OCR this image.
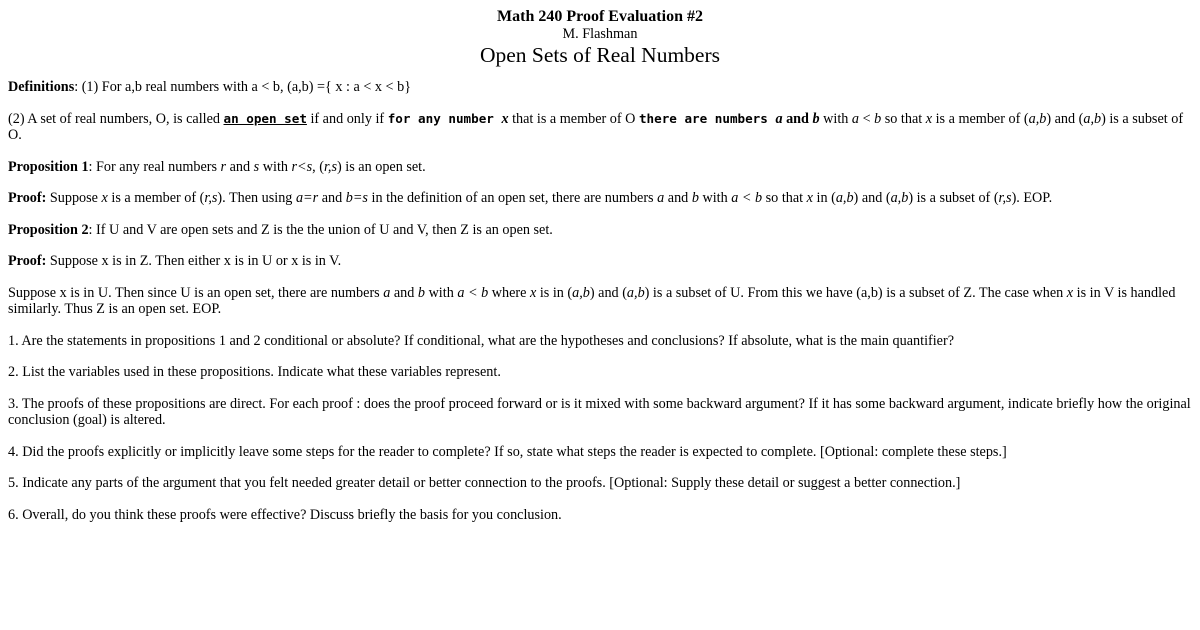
Math 240 Proof Evaluation #2
M. Flashman
Open Sets of Real Numbers

Definitions: (1) For a,b real numbers with a < b, (a,b) ={ x : a < x < b}

(2) A set of real numbers, O, is called an open set if and only if for any number x that is a member of O there are numbers a and b with a < b so that x is a member of (a,b) and (a,b) is a subset of O.

Proposition 1: For any real numbers r and s with r<s, (r,s) is an open set.

Proof: Suppose x is a member of (r,s). Then using a=r and b=s in the definition of an open set, there are numbers a and b with a < b so that x in (a,b) and (a,b) is a subset of (r,s). EOP.

Proposition 2: If U and V are open sets and Z is the the union of U and V, then Z is an open set.

Proof: Suppose x is in Z. Then either x is in U or x is in V.

Suppose x is in U. Then since U is an open set, there are numbers a and b with a < b where x is in (a,b) and (a,b) is a subset of U. From this we have (a,b) is a subset of Z. The case when x is in V is handled similarly. Thus Z is an open set. EOP.

1. Are the statements in propositions 1 and 2 conditional or absolute? If conditional, what are the hypotheses and conclusions? If absolute, what is the main quantifier?

2. List the variables used in these propositions. Indicate what these variables represent.

3. The proofs of these propositions are direct. For each proof : does the proof proceed forward or is it mixed with some backward argument? If it has some backward argument, indicate briefly how the original conclusion (goal) is altered.

4. Did the proofs explicitly or implicitly leave some steps for the reader to complete? If so, state what steps the reader is expected to complete. [Optional: complete these steps.]

5. Indicate any parts of the argument that you felt needed greater detail or better connection to the proofs. [Optional: Supply these detail or suggest a better connection.]

6. Overall, do you think these proofs were effective? Discuss briefly the basis for you conclusion.
